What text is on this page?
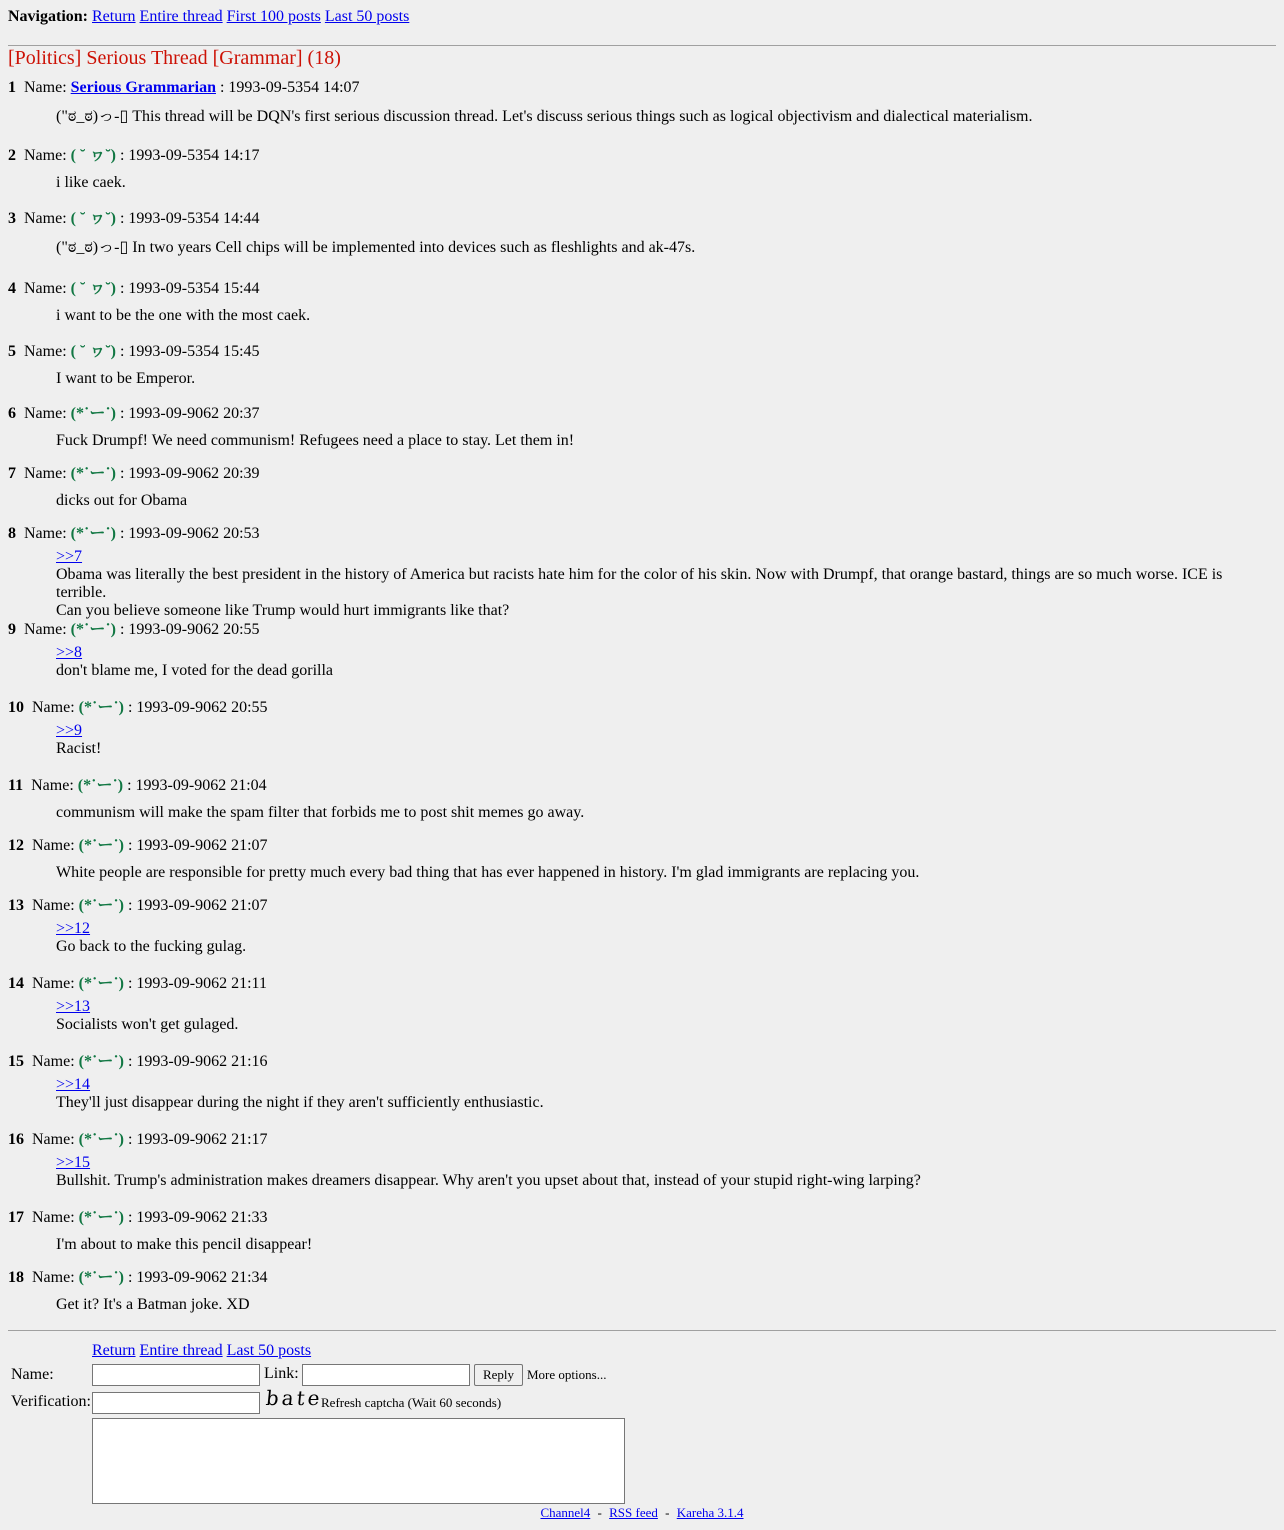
Navigation: Return Entire thread First 100 posts Last 50 posts
[Politics] Serious Thread [Grammar] (18)
1 Name: Serious Grammarian : 1993-09-5354 14:07
("ಠ_ಠ)っ-▯ This thread will be DQN's first serious discussion thread. Let's discuss serious things such as logical objectivism and dialectical materialism.
2 Name: ( ˘ ヮ˘) : 1993-09-5354 14:17
i like caek.
3 Name: ( ˘ ヮ˘) : 1993-09-5354 14:44
("ಠ_ಠ)っ-▯ In two years Cell chips will be implemented into devices such as fleshlights and ak-47s.
4 Name: ( ˘ ヮ˘) : 1993-09-5354 15:44
i want to be the one with the most caek.
5 Name: ( ˘ ヮ˘) : 1993-09-5354 15:45
I want to be Emperor.
6 Name: (*˙ー˙) : 1993-09-9062 20:37
Fuck Drumpf! We need communism! Refugees need a place to stay. Let them in!
7 Name: (*˙ー˙) : 1993-09-9062 20:39
dicks out for Obama
8 Name: (*˙ー˙) : 1993-09-9062 20:53
>>7
Obama was literally the best president in the history of America but racists hate him for the color of his skin. Now with Drumpf, that orange bastard, things are so much worse. ICE is terrible.
Can you believe someone like Trump would hurt immigrants like that?
9 Name: (*˙ー˙) : 1993-09-9062 20:55
>>8
don't blame me, I voted for the dead gorilla
10 Name: (*˙ー˙) : 1993-09-9062 20:55
>>9
Racist!
11 Name: (*˙ー˙) : 1993-09-9062 21:04
communism will make the spam filter that forbids me to post shit memes go away.
12 Name: (*˙ー˙) : 1993-09-9062 21:07
White people are responsible for pretty much every bad thing that has ever happened in history. I'm glad immigrants are replacing you.
13 Name: (*˙ー˙) : 1993-09-9062 21:07
>>12
Go back to the fucking gulag.
14 Name: (*˙ー˙) : 1993-09-9062 21:11
>>13
Socialists won't get gulaged.
15 Name: (*˙ー˙) : 1993-09-9062 21:16
>>14
They'll just disappear during the night if they aren't sufficiently enthusiastic.
16 Name: (*˙ー˙) : 1993-09-9062 21:17
>>15
Bullshit. Trump's administration makes dreamers disappear. Why aren't you upset about that, instead of your stupid right-wing larping?
17 Name: (*˙ー˙) : 1993-09-9062 21:33
I'm about to make this pencil disappear!
18 Name: (*˙ー˙) : 1993-09-9062 21:34
Get it? It's a Batman joke. XD
Return Entire thread Last 50 posts
Name:	Link:	Reply More options...
Verification:	bate
Refresh captcha (Wait 60 seconds)
Channel4 - RSS feed - Kareha 3.1.4
